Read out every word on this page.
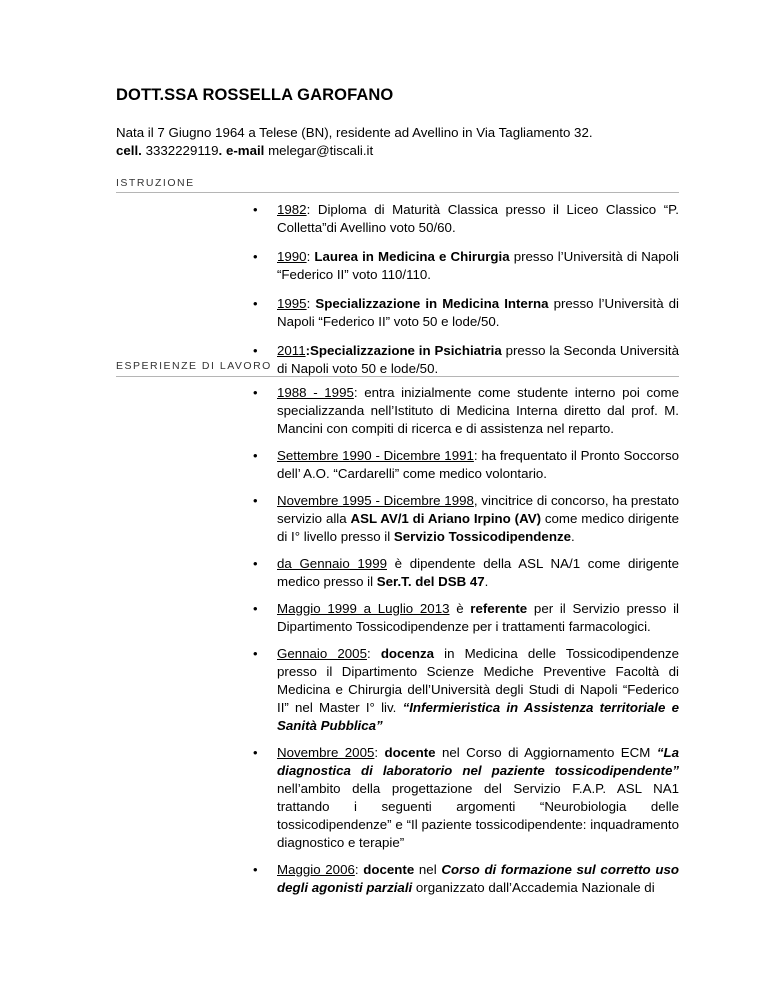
DOTT.SSA ROSSELLA GAROFANO
Nata il 7 Giugno 1964 a Telese (BN), residente ad Avellino in Via Tagliamento 32.
cell. 3332229119. e-mail melegar@tiscali.it
ISTRUZIONE
• 1982: Diploma di Maturità Classica presso il Liceo Classico “P. Colletta”di Avellino voto 50/60.
• 1990: Laurea in Medicina e Chirurgia presso l’Università di Napoli “Federico II” voto 110/110.
• 1995: Specializzazione in Medicina Interna presso l’Università di Napoli “Federico II” voto 50 e lode/50.
• 2011:Specializzazione in Psichiatria presso la Seconda Università di Napoli voto 50 e lode/50.
ESPERIENZE DI LAVORO
• 1988 - 1995: entra inizialmente come studente interno poi come specializzanda nell’Istituto di Medicina Interna diretto dal prof. M. Mancini con compiti di ricerca e di assistenza nel reparto.
• Settembre 1990 - Dicembre 1991: ha frequentato il Pronto Soccorso dell’ A.O. “Cardarelli” come medico volontario.
• Novembre 1995 - Dicembre 1998, vincitrice di concorso, ha prestato servizio alla ASL AV/1 di Ariano Irpino (AV) come medico dirigente di I° livello presso il Servizio Tossicodipendenze.
• da Gennaio 1999 è dipendente della ASL NA/1 come dirigente medico presso il Ser.T. del DSB 47.
• Maggio 1999 a Luglio 2013 è referente per il Servizio presso il Dipartimento Tossicodipendenze per i trattamenti farmacologici.
• Gennaio 2005: docenza in Medicina delle Tossicodipendenze presso il Dipartimento Scienze Mediche Preventive Facoltà di Medicina e Chirurgia dell’Università degli Studi di Napoli “Federico II” nel Master I° liv. “Infermieristica in Assistenza territoriale e Sanità Pubblica”
• Novembre 2005: docente nel Corso di Aggiornamento ECM “La diagnostica di laboratorio nel paziente tossicodipendente” nell’ambito della progettazione del Servizio F.A.P. ASL NA1 trattando i seguenti argomenti “Neurobiologia delle tossicodipendenze” e “Il paziente tossicodipendente: inquadramento diagnostico e terapie”
• Maggio 2006: docente nel Corso di formazione sul corretto uso degli agonisti parziali organizzato dall’Accademia Nazionale di
